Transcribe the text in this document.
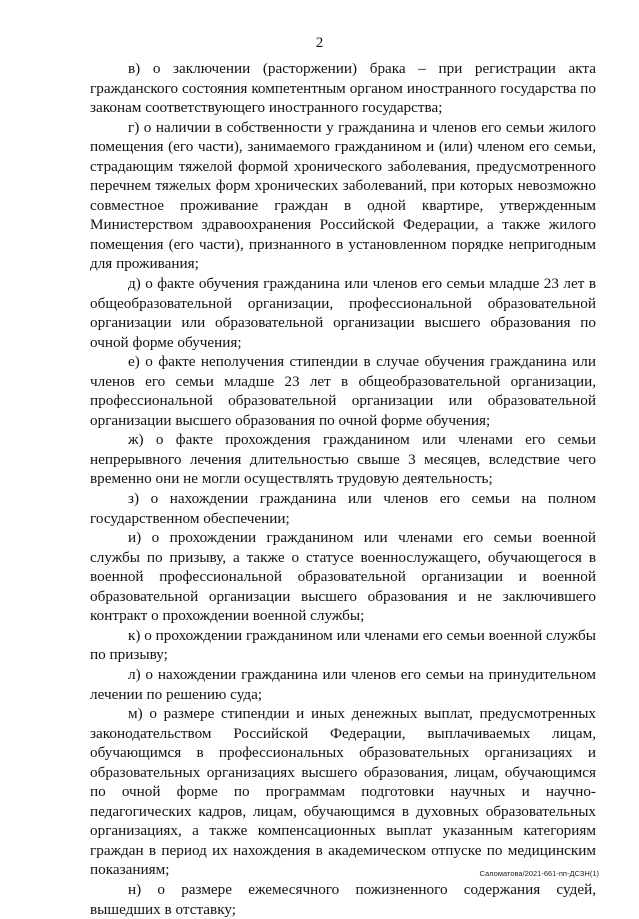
2

в) о заключении (расторжении) брака – при регистрации акта гражданского состояния компетентным органом иностранного государства по законам соответствующего иностранного государства;

г) о наличии в собственности у гражданина и членов его семьи жилого помещения (его части), занимаемого гражданином и (или) членом его семьи, страдающим тяжелой формой хронического заболевания, предусмотренного перечнем тяжелых форм хронических заболеваний, при которых невозможно совместное проживание граждан в одной квартире, утвержденным Министерством здравоохранения Российской Федерации, а также жилого помещения (его части), признанного в установленном порядке непригодным для проживания;

д) о факте обучения гражданина или членов его семьи младше 23 лет в общеобразовательной организации, профессиональной образовательной организации или образовательной организации высшего образования по очной форме обучения;

е) о факте неполучения стипендии в случае обучения гражданина или членов его семьи младше 23 лет в общеобразовательной организации, профессиональной образовательной организации или образовательной организации высшего образования по очной форме обучения;

ж) о факте прохождения гражданином или членами его семьи непрерывного лечения длительностью свыше 3 месяцев, вследствие чего временно они не могли осуществлять трудовую деятельность;

з) о нахождении гражданина или членов его семьи на полном государственном обеспечении;

и) о прохождении гражданином или членами его семьи военной службы по призыву, а также о статусе военнослужащего, обучающегося в военной профессиональной образовательной организации и военной образовательной организации высшего образования и не заключившего контракт о прохождении военной службы;

к) о прохождении гражданином или членами его семьи военной службы по призыву;

л) о нахождении гражданина или членов его семьи на принудительном лечении по решению суда;

м) о размере стипендии и иных денежных выплат, предусмотренных законодательством Российской Федерации, выплачиваемых лицам, обучающимся в профессиональных образовательных организациях и образовательных организациях высшего образования, лицам, обучающимся по очной форме по программам подготовки научных и научно-педагогических кадров, лицам, обучающимся в духовных образовательных организациях, а также компенсационных выплат указанным категориям граждан в период их нахождения в академическом отпуске по медицинским показаниям;

н) о размере ежемесячного пожизненного содержания судей, вышедших в отставку;

Саломатова/2021-661-пп-ДСЗН(1)
